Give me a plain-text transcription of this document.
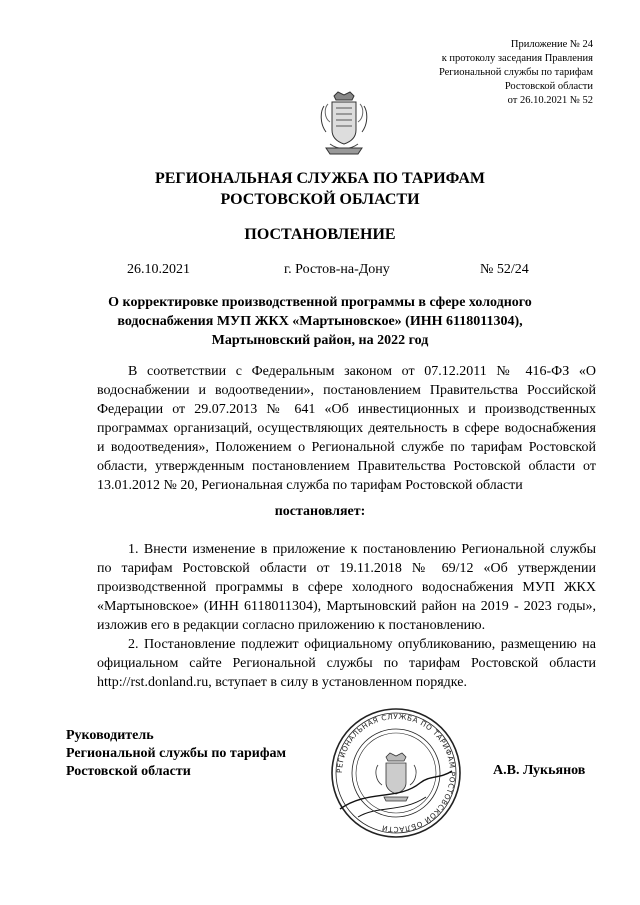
Приложение № 24
к протоколу заседания Правления
Региональной службы по тарифам
Ростовской области
от 26.10.2021 № 52
РЕГИОНАЛЬНАЯ СЛУЖБА ПО ТАРИФАМ
РОСТОВСКОЙ ОБЛАСТИ
ПОСТАНОВЛЕНИЕ
26.10.2021	г. Ростов-на-Дону	№ 52/24
О корректировке производственной программы в сфере холодного водоснабжения МУП ЖКХ «Мартыновское» (ИНН 6118011304), Мартыновский район, на 2022 год

В соответствии с Федеральным законом от 07.12.2011 № 416-ФЗ «О водоснабжении и водоотведении», постановлением Правительства Российской Федерации от 29.07.2013 № 641 «Об инвестиционных и производственных программах организаций, осуществляющих деятельность в сфере водоснабжения и водоотведения», Положением о Региональной службе по тарифам Ростовской области, утвержденным постановлением Правительства Ростовской области от 13.01.2012 № 20, Региональная служба по тарифам Ростовской области

постановляет:

1. Внести изменение в приложение к постановлению Региональной службы по тарифам Ростовской области от 19.11.2018 № 69/12 «Об утверждении производственной программы в сфере холодного водоснабжения МУП ЖКХ «Мартыновское» (ИНН 6118011304), Мартыновский район на 2019 - 2023 годы», изложив его в редакции согласно приложению к постановлению.

2. Постановление подлежит официальному опубликованию, размещению на официальном сайте Региональной службы по тарифам Ростовской области http://rst.donland.ru, вступает в силу в установленном порядке.

Руководитель
Региональной службы по тарифам
Ростовской области	РЕГИОНАЛЬНАЯ СЛУЖБА ПО ТАРИФАМ РОСТОВСКОЙ ОБЛАСТИ
А.В. Лукьянов
